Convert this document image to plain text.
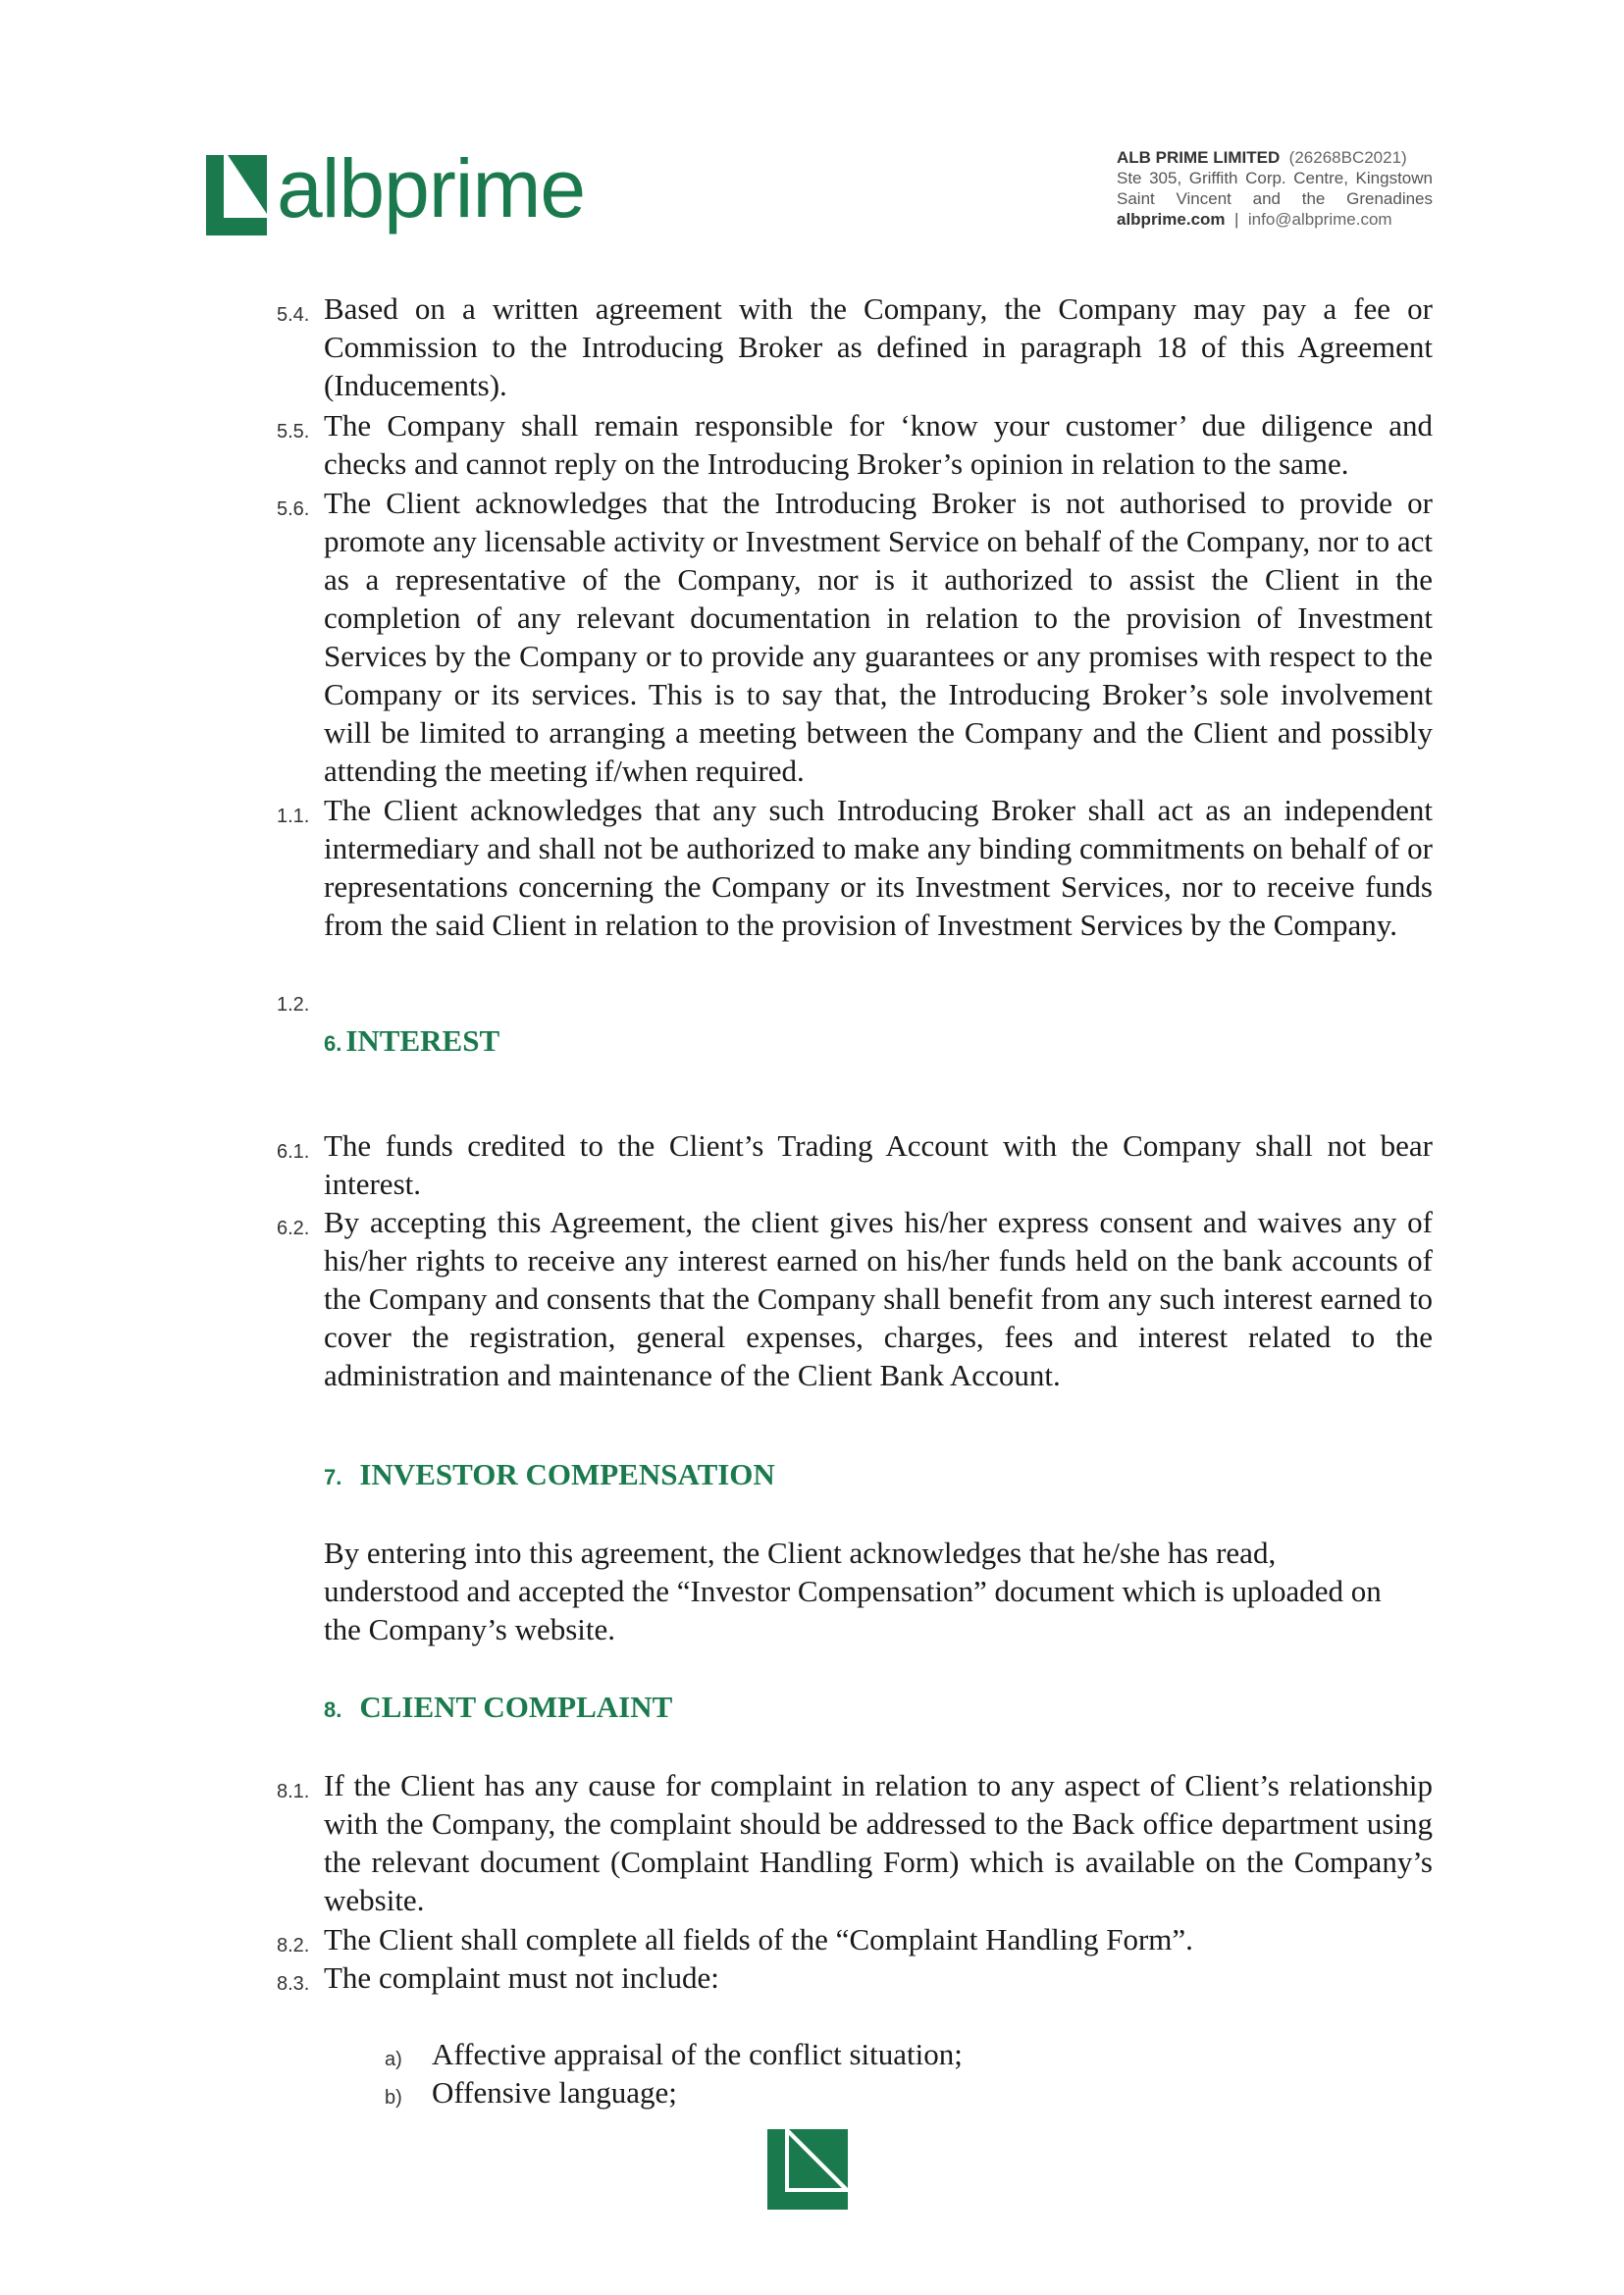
albprime	ALB PRIME LIMITED (26268BC2021)
Ste 305, Griffith Corp. Centre, Kingstown
Saint Vincent and the Grenadines
albprime.com | info@albprime.com
5.4. Based on a written agreement with the Company, the Company may pay a fee or Commission to the Introducing Broker as defined in paragraph 18 of this Agreement (Inducements).
5.5. The Company shall remain responsible for ‘know your customer’ due diligence and checks and cannot reply on the Introducing Broker’s opinion in relation to the same.
5.6. The Client acknowledges that the Introducing Broker is not authorised to provide or promote any licensable activity or Investment Service on behalf of the Company, nor to act as a representative of the Company, nor is it authorized to assist the Client in the completion of any relevant documentation in relation to the provision of Investment Services by the Company or to provide any guarantees or any promises with respect to the Company or its services. This is to say that, the Introducing Broker’s sole involvement will be limited to arranging a meeting between the Company and the Client and possibly attending the meeting if/when required.
1.1. The Client acknowledges that any such Introducing Broker shall act as an independent intermediary and shall not be authorized to make any binding commitments on behalf of or representations concerning the Company or its Investment Services, nor to receive funds from the said Client in relation to the provision of Investment Services by the Company.
1.2.
6. INTEREST
6.1. The funds credited to the Client’s Trading Account with the Company shall not bear interest.
6.2. By accepting this Agreement, the client gives his/her express consent and waives any of his/her rights to receive any interest earned on his/her funds held on the bank accounts of the Company and consents that the Company shall benefit from any such interest earned to cover the registration, general expenses, charges, fees and interest related to the administration and maintenance of the Client Bank Account.
7. INVESTOR COMPENSATION
By entering into this agreement, the Client acknowledges that he/she has read, understood and accepted the “Investor Compensation” document which is uploaded on the Company’s website.
8. CLIENT COMPLAINT
8.1. If the Client has any cause for complaint in relation to any aspect of Client’s relationship with the Company, the complaint should be addressed to the Back office department using the relevant document (Complaint Handling Form) which is available on the Company’s website.
8.2. The Client shall complete all fields of the “Complaint Handling Form”.
8.3. The complaint must not include:
a) Affective appraisal of the conflict situation;
b) Offensive language;
